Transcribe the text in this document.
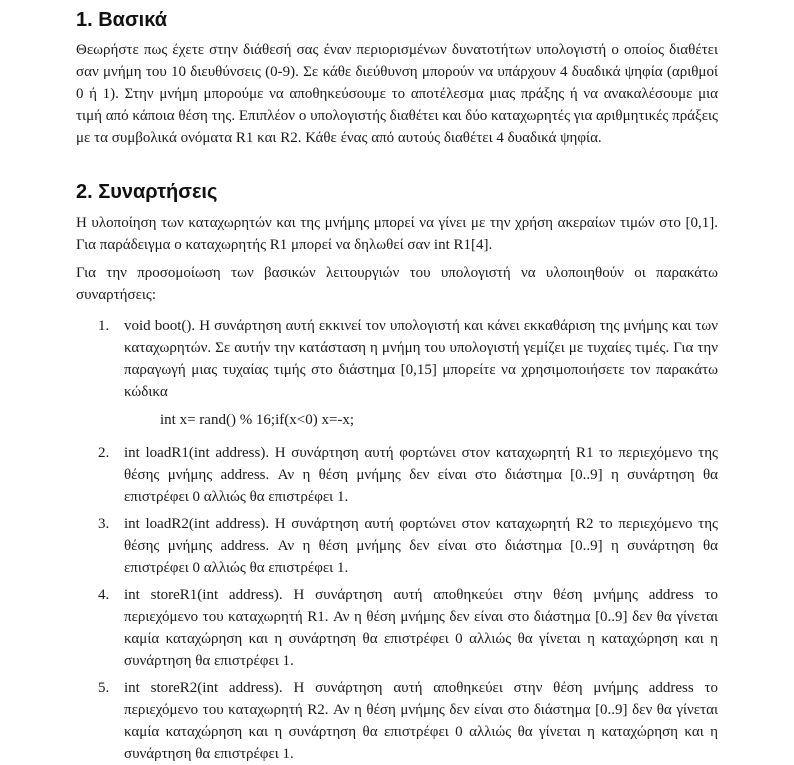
1. Βασικά

Θεωρήστε πως έχετε στην διάθεσή σας έναν περιορισμένων δυνατοτήτων υπολογιστή ο οποίος διαθέτει σαν μνήμη του 10 διευθύνσεις (0-9). Σε κάθε διεύθυνση μπορούν να υπάρχουν 4 δυαδικά ψηφία (αριθμοί 0 ή 1). Στην μνήμη μπορούμε να αποθηκεύσουμε το αποτέλεσμα μιας πράξης ή να ανακαλέσουμε μια τιμή από κάποια θέση της. Επιπλέον ο υπολογιστής διαθέτει και δύο καταχωρητές για αριθμητικές πράξεις με τα συμβολικά ονόματα R1 και R2. Κάθε ένας από αυτούς διαθέτει 4 δυαδικά ψηφία.

2. Συναρτήσεις

Η υλοποίηση των καταχωρητών και της μνήμης μπορεί να γίνει με την χρήση ακεραίων τιμών στο [0,1]. Για παράδειγμα ο καταχωρητής R1 μπορεί να δηλωθεί σαν int R1[4].

Για την προσομοίωση των βασικών λειτουργιών του υπολογιστή να υλοποιηθούν οι παρακάτω συναρτήσεις:

1. void boot(). Η συνάρτηση αυτή εκκινεί τον υπολογιστή και κάνει εκκαθάριση της μνήμης και των καταχωρητών. Σε αυτήν την κατάσταση η μνήμη του υπολογιστή γεμίζει με τυχαίες τιμές. Για την παραγωγή μιας τυχαίας τιμής στο διάστημα [0,15] μπορείτε να χρησιμοποιήσετε τον παρακάτω κώδικα

int x= rand() % 16;if(x<0) x=-x;
2. int loadR1(int address). Η συνάρτηση αυτή φορτώνει στον καταχωρητή R1 το περιεχόμενο της θέσης μνήμης address. Αν η θέση μνήμης δεν είναι στο διάστημα [0..9] η συνάρτηση θα επιστρέφει 0 αλλιώς θα επιστρέφει 1.

3. int loadR2(int address). Η συνάρτηση αυτή φορτώνει στον καταχωρητή R2 το περιεχόμενο της θέσης μνήμης address. Αν η θέση μνήμης δεν είναι στο διάστημα [0..9] η συνάρτηση θα επιστρέφει 0 αλλιώς θα επιστρέφει 1.

4. int storeR1(int address). Η συνάρτηση αυτή αποθηκεύει στην θέση μνήμης address το περιεχόμενο του καταχωρητή R1. Αν η θέση μνήμης δεν είναι στο διάστημα [0..9] δεν θα γίνεται καμία καταχώρηση και η συνάρτηση θα επιστρέφει 0 αλλιώς θα γίνεται η καταχώρηση και η συνάρτηση θα επιστρέφει 1.

5. int storeR2(int address). Η συνάρτηση αυτή αποθηκεύει στην θέση μνήμης address το περιεχόμενο του καταχωρητή R2. Αν η θέση μνήμης δεν είναι στο διάστημα [0..9] δεν θα γίνεται καμία καταχώρηση και η συνάρτηση θα επιστρέφει 0 αλλιώς θα γίνεται η καταχώρηση και η συνάρτηση θα επιστρέφει 1.
